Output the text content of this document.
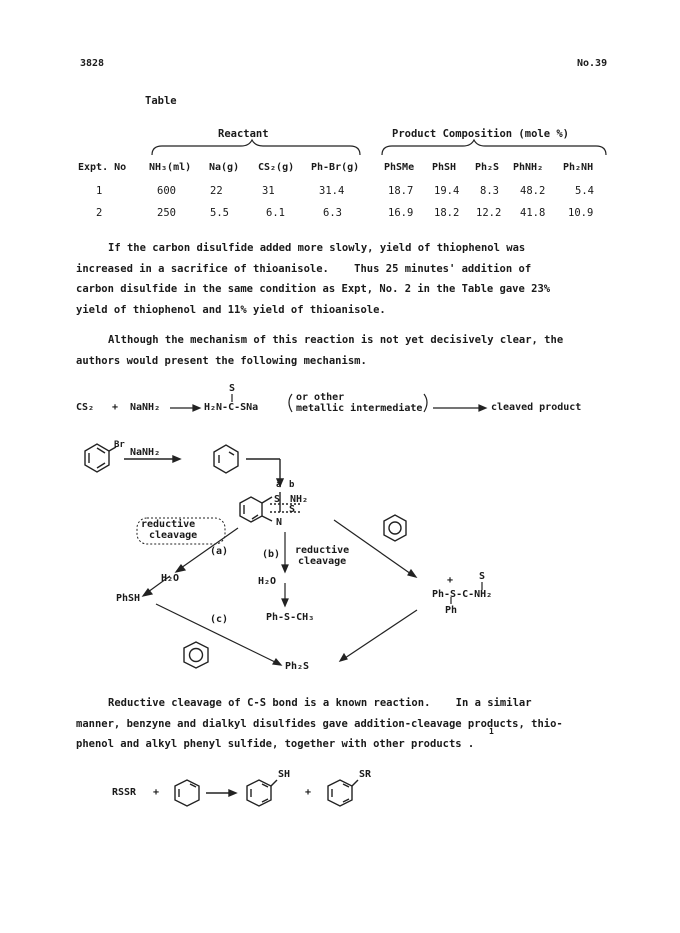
3828	No.39
Table
Reactant	Product Composition (mole %)
Expt. No NH₃(ml) Na(g) CS₂(g) Ph-Br(g) PhSMe PhSH Ph₂S PhNH₂ Ph₂NH
1	600	22	31	31.4	18.7 19.4 8.3 48.2	5.4
2	250	5.5	6.1	6.3	16.9 18.2 12.2 41.8 10.9
If the carbon disulfide added more slowly, yield of thiophenol was
increased in a sacrifice of thioanisole.    Thus 25 minutes' addition of
carbon disulfide in the same condition as Expt, No. 2 in the Table gave 23%
yield of thiophenol and 11% yield of thioanisole.
Although the mechanism of this reaction is not yet decisively clear, the
authors would present the following mechanism.
CS₂ + NaNH₂
S
H₂N-C-SNa
or other
metallic intermediate	cleaved product
Br
NaNH₂
a b
S NH₂
N
S
reductive
cleavage
(a)	(b) reductive
cleavage
H₂O	H₂O
PhSH
Ph-S-CH₃
(c)
Ph₂S
+	S
Ph-S-C-NH₂
Ph
Reductive cleavage of C-S bond is a known reaction.    In a similar
manner, benzyne and dialkyl disulfides gave addition-cleavage products, thio-
phenol and alkyl phenyl sulfide, together with other products .
1
RSSR +
SH
+
SR
